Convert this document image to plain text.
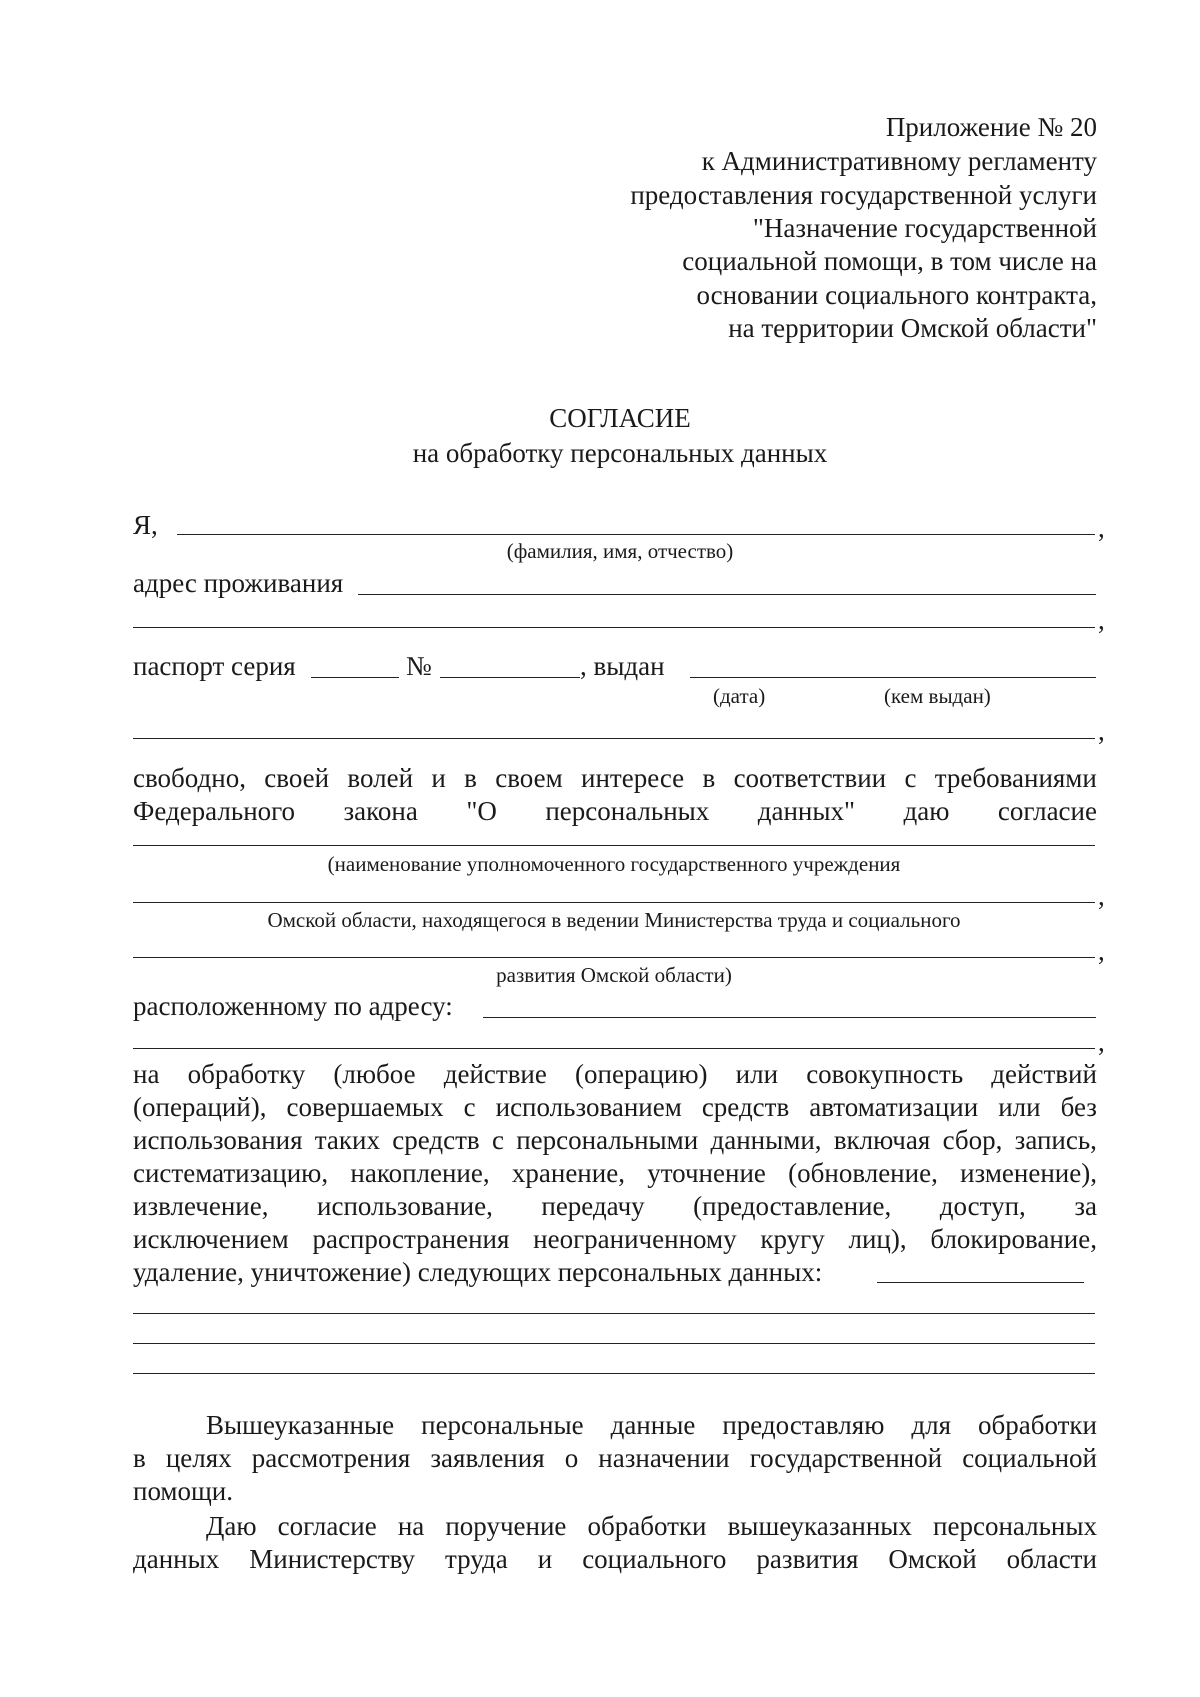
Приложение № 20
к Административному регламенту
предоставления государственной услуги
"Назначение государственной
социальной помощи, в том числе на
основании социального контракта,
на территории Омской области"
СОГЛАСИЕ
на обработку персональных данных
Я,	,
(фамилия, имя, отчество)
адрес проживания
,
паспорт серия	№	, выдан
(дата)	(кем выдан)
,
свободно, своей волей и в своем интересе в соответствии с требованиями
Федерального закона "О персональных данных" даю согласие
(наименование уполномоченного государственного учреждения
,
Омской области, находящегося в ведении Министерства труда и социального
,
развития Омской области)
расположенному по адресу:
,
на обработку (любое действие (операцию) или совокупность действий
(операций), совершаемых с использованием средств автоматизации или без
использования таких средств с персональными данными, включая сбор, запись,
систематизацию, накопление, хранение, уточнение (обновление, изменение),
извлечение, использование, передачу (предоставление, доступ, за
исключением распространения неограниченному кругу лиц), блокирование,
удаление, уничтожение) следующих персональных данных:
Вышеуказанные персональные данные предоставляю для обработки
в целях рассмотрения заявления о назначении государственной социальной
помощи.
Даю согласие на поручение обработки вышеуказанных персональных
данных Министерству труда и социального развития Омской области
